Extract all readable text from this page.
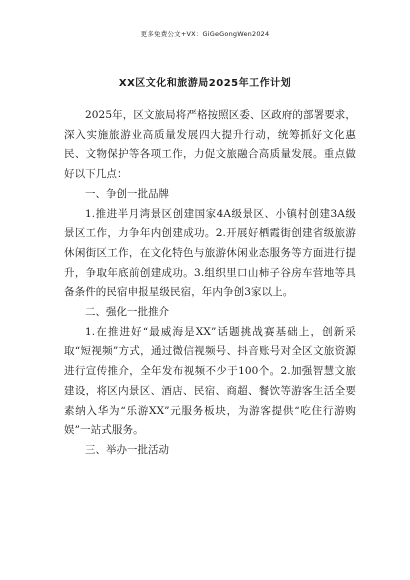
更多免费公文+VX：GiGeGongWen2024
XX区文化和旅游局2025年工作计划

2025年，区文旅局将严格按照区委、区政府的部署要求，深入实施旅游业高质量发展四大提升行动，统筹抓好文化惠民、文物保护等各项工作，力促文旅融合高质量发展。重点做好以下几点：

一、争创一批品牌

1.推进半月湾景区创建国家4A级景区、小镇村创建3A级景区工作，力争年内创建成功。2.开展好栖霞街创建省级旅游休闲街区工作，在文化特色与旅游休闲业态服务等方面进行提升，争取年底前创建成功。3.组织里口山柿子谷房车营地等具备条件的民宿申报星级民宿，年内争创3家以上。

二、强化一批推介

1.在推进好“最威海是XX”话题挑战赛基础上，创新采取“短视频”方式，通过微信视频号、抖音账号对全区文旅资源进行宣传推介，全年发布视频不少于100个。2.加强智慧文旅建设，将区内景区、酒店、民宿、商超、餐饮等游客生活全要素纳入华为“乐游XX”元服务板块，为游客提供“吃住行游购娱”一站式服务。

三、举办一批活动
